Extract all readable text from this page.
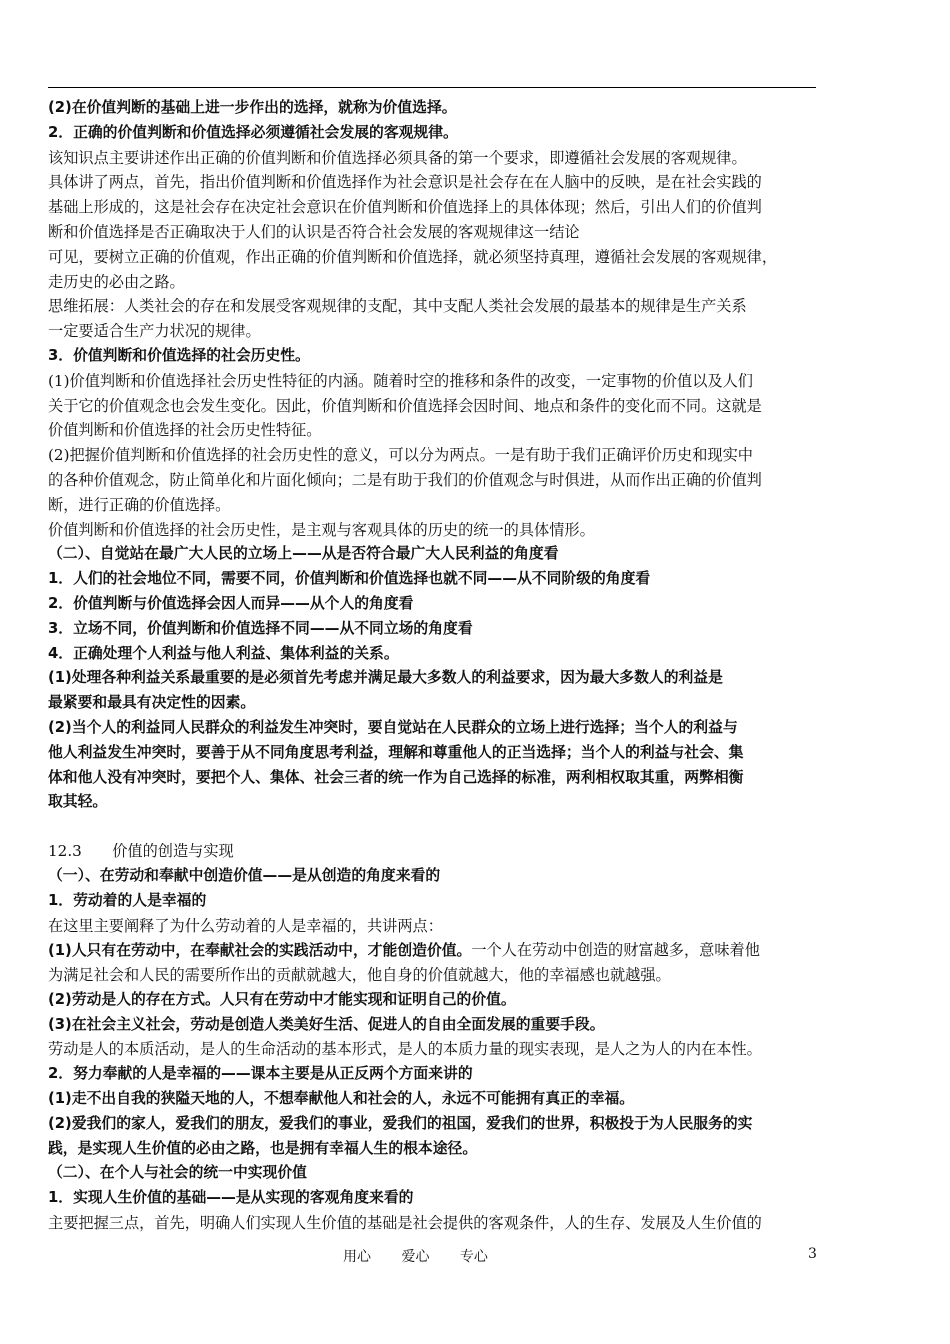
(2)在价值判断的基础上进一步作出的选择，就称为价值选择。
2．正确的价值判断和价值选择必须遵循社会发展的客观规律。
该知识点主要讲述作出正确的价值判断和价值选择必须具备的第一个要求，即遵循社会发展的客观规律。
具体讲了两点，首先，指出价值判断和价值选择作为社会意识是社会存在在人脑中的反映，是在社会实践的
基础上形成的，这是社会存在决定社会意识在价值判断和价值选择上的具体体现；然后，引出人们的价值判
断和价值选择是否正确取决于人们的认识是否符合社会发展的客观规律这一结论
可见，要树立正确的价值观，作出正确的价值判断和价值选择，就必须坚持真理，遵循社会发展的客观规律，
走历史的必由之路。
思维拓展：人类社会的存在和发展受客观规律的支配，其中支配人类社会发展的最基本的规律是生产关系
一定要适合生产力状况的规律。
3．价值判断和价值选择的社会历史性。
(1)价值判断和价值选择社会历史性特征的内涵。随着时空的推移和条件的改变，一定事物的价值以及人们
关于它的价值观念也会发生变化。因此，价值判断和价值选择会因时间、地点和条件的变化而不同。这就是
价值判断和价值选择的社会历史性特征。
(2)把握价值判断和价值选择的社会历史性的意义，可以分为两点。一是有助于我们正确评价历史和现实中
的各种价值观念，防止简单化和片面化倾向；二是有助于我们的价值观念与时俱进，从而作出正确的价值判
断，进行正确的价值选择。
价值判断和价值选择的社会历史性，是主观与客观具体的历史的统一的具体情形。
（二）、自觉站在最广大人民的立场上——从是否符合最广大人民利益的角度看
1．人们的社会地位不同，需要不同，价值判断和价值选择也就不同——从不同阶级的角度看
2．价值判断与价值选择会因人而异——从个人的角度看
3．立场不同，价值判断和价值选择不同——从不同立场的角度看
4．正确处理个人利益与他人利益、集体利益的关系。
(1)处理各种利益关系最重要的是必须首先考虑并满足最大多数人的利益要求，因为最大多数人的利益是
最紧要和最具有决定性的因素。
(2)当个人的利益同人民群众的利益发生冲突时，要自觉站在人民群众的立场上进行选择；当个人的利益与
他人利益发生冲突时，要善于从不同角度思考利益，理解和尊重他人的正当选择；当个人的利益与社会、集
体和他人没有冲突时，要把个人、集体、社会三者的统一作为自己选择的标准，两利相权取其重，两弊相衡
取其轻。
12.3　　价值的创造与实现
（一）、在劳动和奉献中创造价值——是从创造的角度来看的
1．劳动着的人是幸福的
在这里主要阐释了为什么劳动着的人是幸福的，共讲两点：
(1)人只有在劳动中，在奉献社会的实践活动中，才能创造价值。一个人在劳动中创造的财富越多，意味着他
为满足社会和人民的需要所作出的贡献就越大，他自身的价值就越大，他的幸福感也就越强。
(2)劳动是人的存在方式。人只有在劳动中才能实现和证明自己的价值。
(3)在社会主义社会，劳动是创造人类美好生活、促进人的自由全面发展的重要手段。
劳动是人的本质活动，是人的生命活动的基本形式，是人的本质力量的现实表现，是人之为人的内在本性。
2．努力奉献的人是幸福的——课本主要是从正反两个方面来讲的
(1)走不出自我的狭隘天地的人，不想奉献他人和社会的人，永远不可能拥有真正的幸福。
(2)爱我们的家人，爱我们的朋友，爱我们的事业，爱我们的祖国，爱我们的世界，积极投于为人民服务的实
践，是实现人生价值的必由之路，也是拥有幸福人生的根本途径。
（二）、在个人与社会的统一中实现价值
1．实现人生价值的基础——是从实现的客观角度来看的
主要把握三点，首先，明确人们实现人生价值的基础是社会提供的客观条件，人的生存、发展及人生价值的
用心 爱心 专心	3
